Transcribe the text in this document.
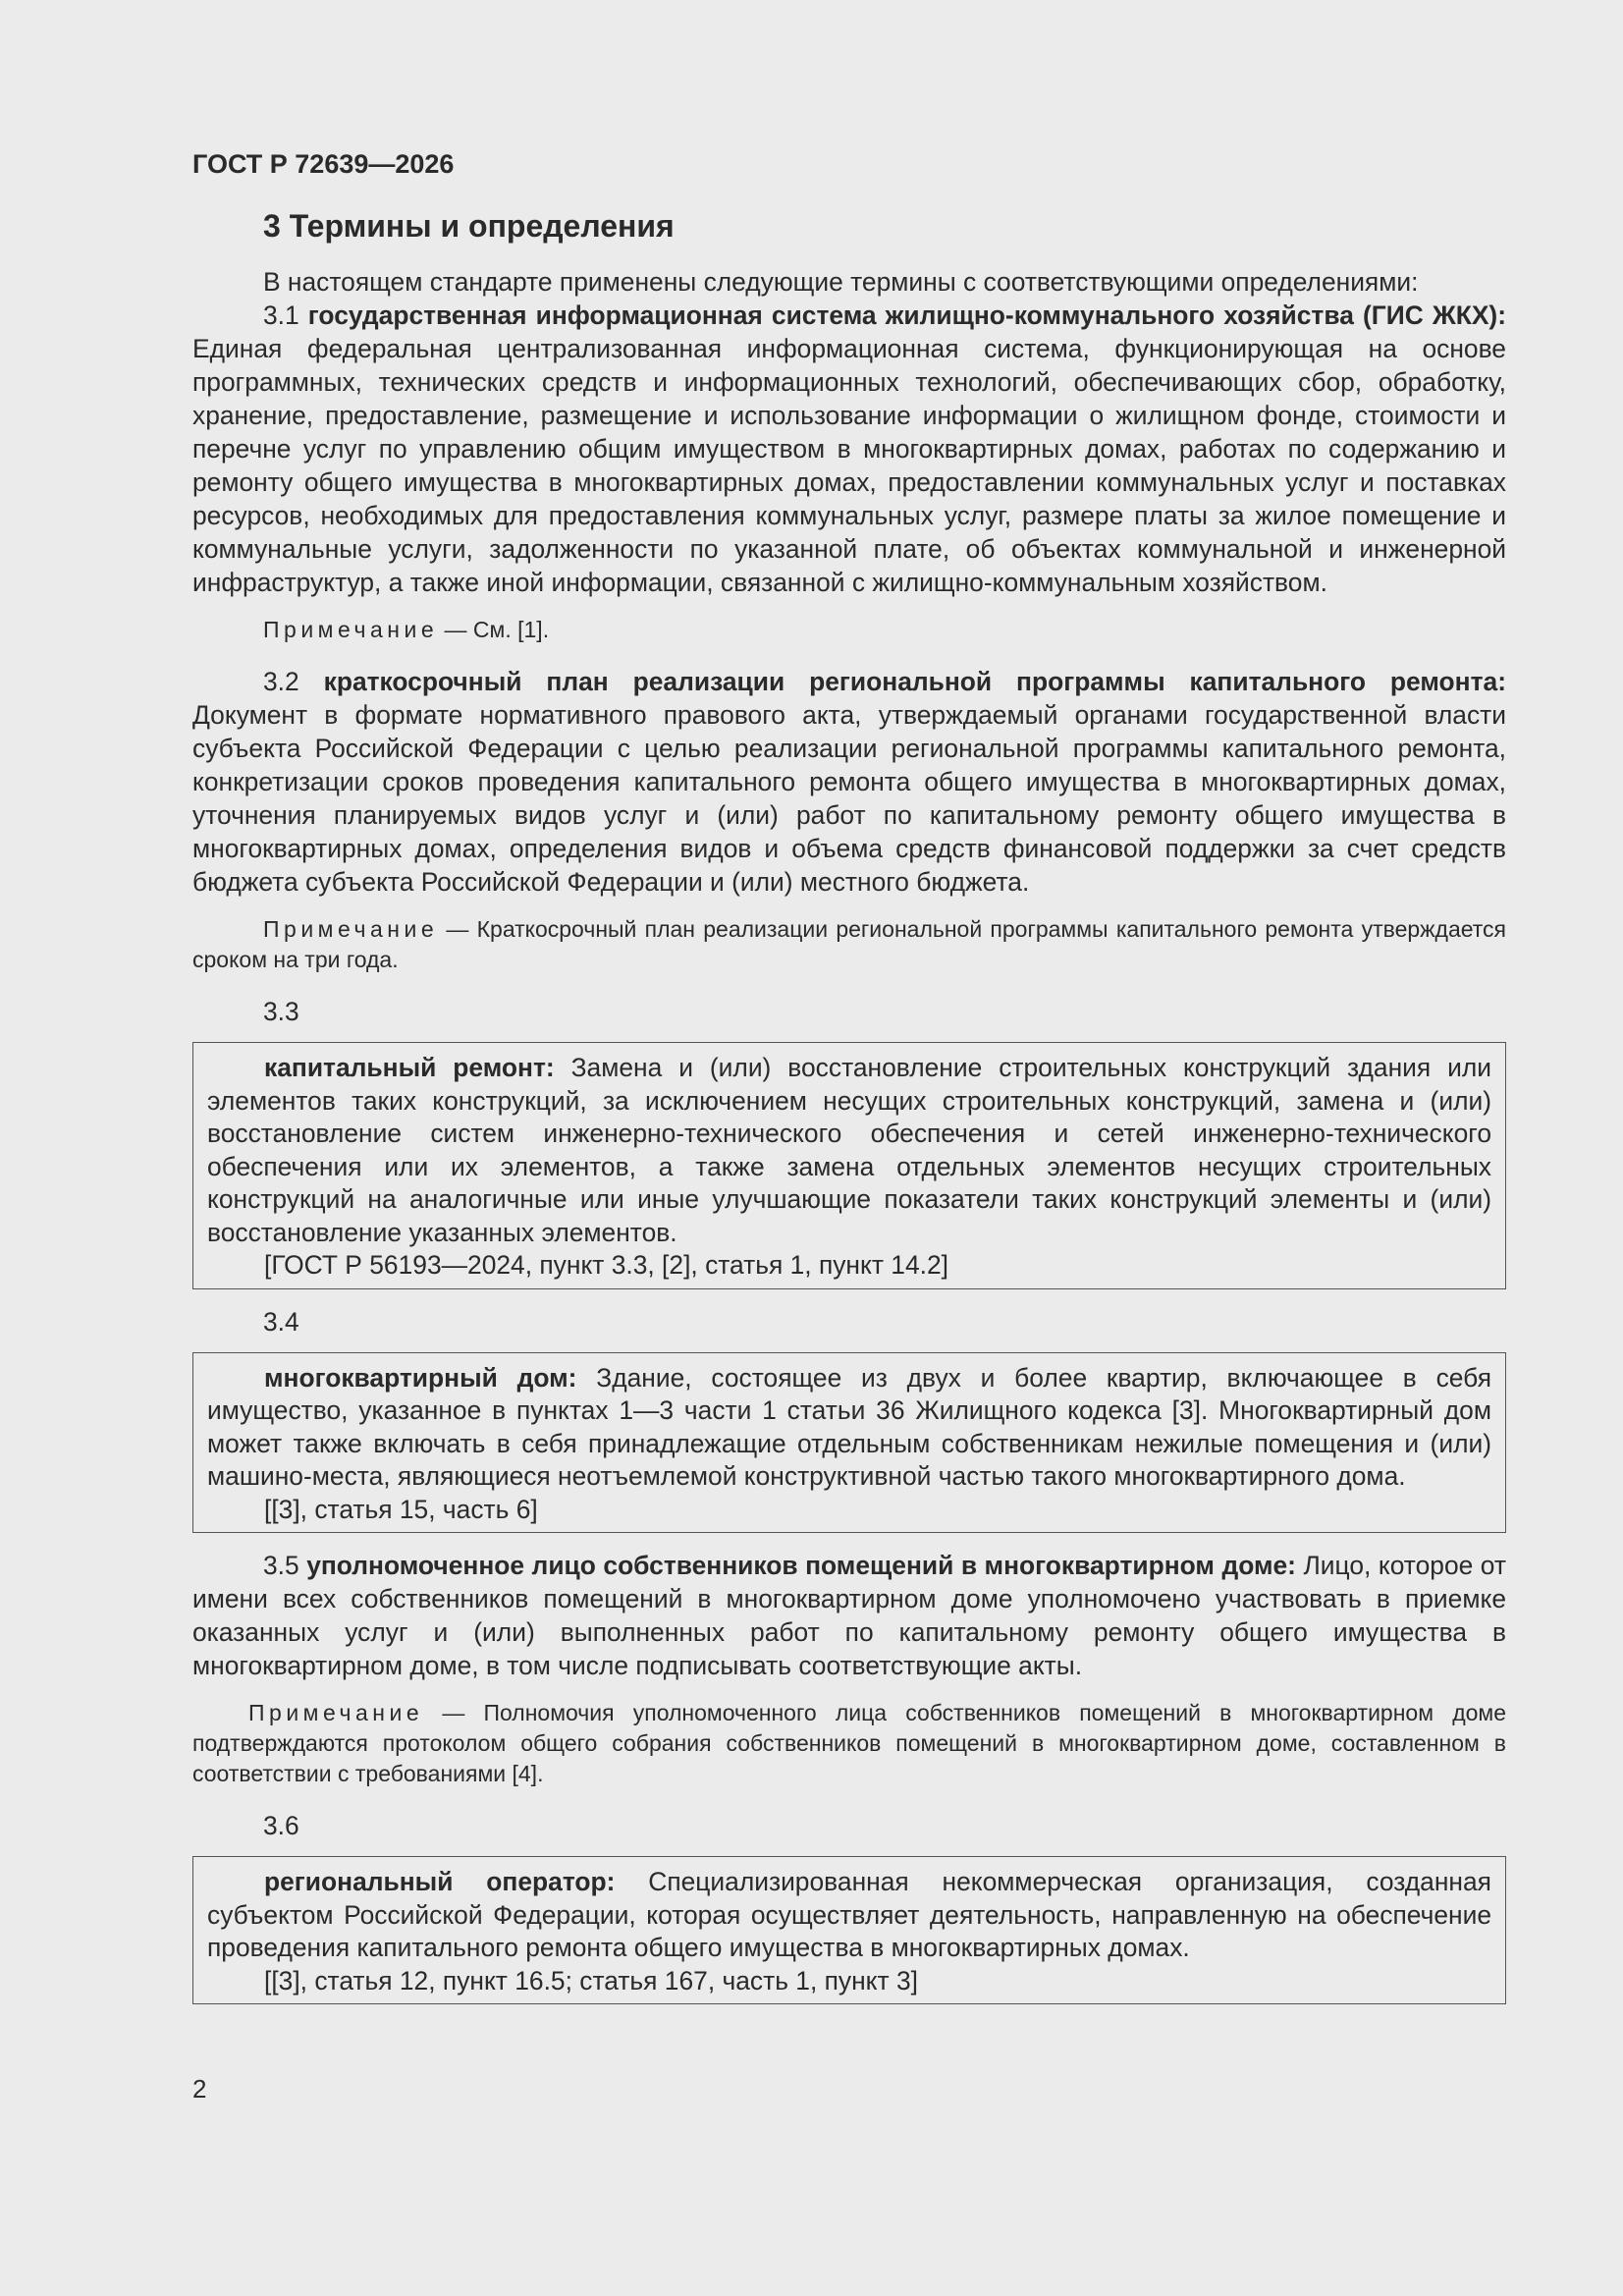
ГОСТ Р 72639—2026
3 Термины и определения

В настоящем стандарте применены следующие термины с соответствующими определениями:

3.1 государственная информационная система жилищно-коммунального хозяйства (ГИС ЖКХ): Единая федеральная централизованная информационная система, функционирующая на основе программных, технических средств и информационных технологий, обеспечивающих сбор, обработку, хранение, предоставление, размещение и использование информации о жилищном фонде, стоимости и перечне услуг по управлению общим имуществом в многоквартирных домах, работах по содержанию и ремонту общего имущества в многоквартирных домах, предоставлении коммунальных услуг и поставках ресурсов, необходимых для предоставления коммунальных услуг, размере платы за жилое помещение и коммунальные услуги, задолженности по указанной плате, об объектах коммунальной и инженерной инфраструктур, а также иной информации, связанной с жилищно-коммунальным хозяйством.

Примечание — См. [1].

3.2 краткосрочный план реализации региональной программы капитального ремонта: Документ в формате нормативного правового акта, утверждаемый органами государственной власти субъекта Российской Федерации с целью реализации региональной программы капитального ремонта, конкретизации сроков проведения капитального ремонта общего имущества в многоквартирных домах, уточнения планируемых видов услуг и (или) работ по капитальному ремонту общего имущества в многоквартирных домах, определения видов и объема средств финансовой поддержки за счет средств бюджета субъекта Российской Федерации и (или) местного бюджета.

Примечание — Краткосрочный план реализации региональной программы капитального ремонта утверждается сроком на три года.

3.3

капитальный ремонт: Замена и (или) восстановление строительных конструкций здания или элементов таких конструкций, за исключением несущих строительных конструкций, замена и (или) восстановление систем инженерно-технического обеспечения и сетей инженерно-технического обеспечения или их элементов, а также замена отдельных элементов несущих строительных конструкций на аналогичные или иные улучшающие показатели таких конструкций элементы и (или) восстановление указанных элементов.

[ГОСТ Р 56193—2024, пункт 3.3, [2], статья 1, пункт 14.2]

3.4

многоквартирный дом: Здание, состоящее из двух и более квартир, включающее в себя имущество, указанное в пунктах 1—3 части 1 статьи 36 Жилищного кодекса [3]. Многоквартирный дом может также включать в себя принадлежащие отдельным собственникам нежилые помещения и (или) машино-места, являющиеся неотъемлемой конструктивной частью такого многоквартирного дома.

[[3], статья 15, часть 6]

3.5 уполномоченное лицо собственников помещений в многоквартирном доме: Лицо, которое от имени всех собственников помещений в многоквартирном доме уполномочено участвовать в приемке оказанных услуг и (или) выполненных работ по капитальному ремонту общего имущества в многоквартирном доме, в том числе подписывать соответствующие акты.

Примечание — Полномочия уполномоченного лица собственников помещений в многоквартирном доме подтверждаются протоколом общего собрания собственников помещений в многоквартирном доме, составленном в соответствии с требованиями [4].

3.6

региональный оператор: Специализированная некоммерческая организация, созданная субъектом Российской Федерации, которая осуществляет деятельность, направленную на обеспечение проведения капитального ремонта общего имущества в многоквартирных домах.

[[3], статья 12, пункт 16.5; статья 167, часть 1, пункт 3]

2
